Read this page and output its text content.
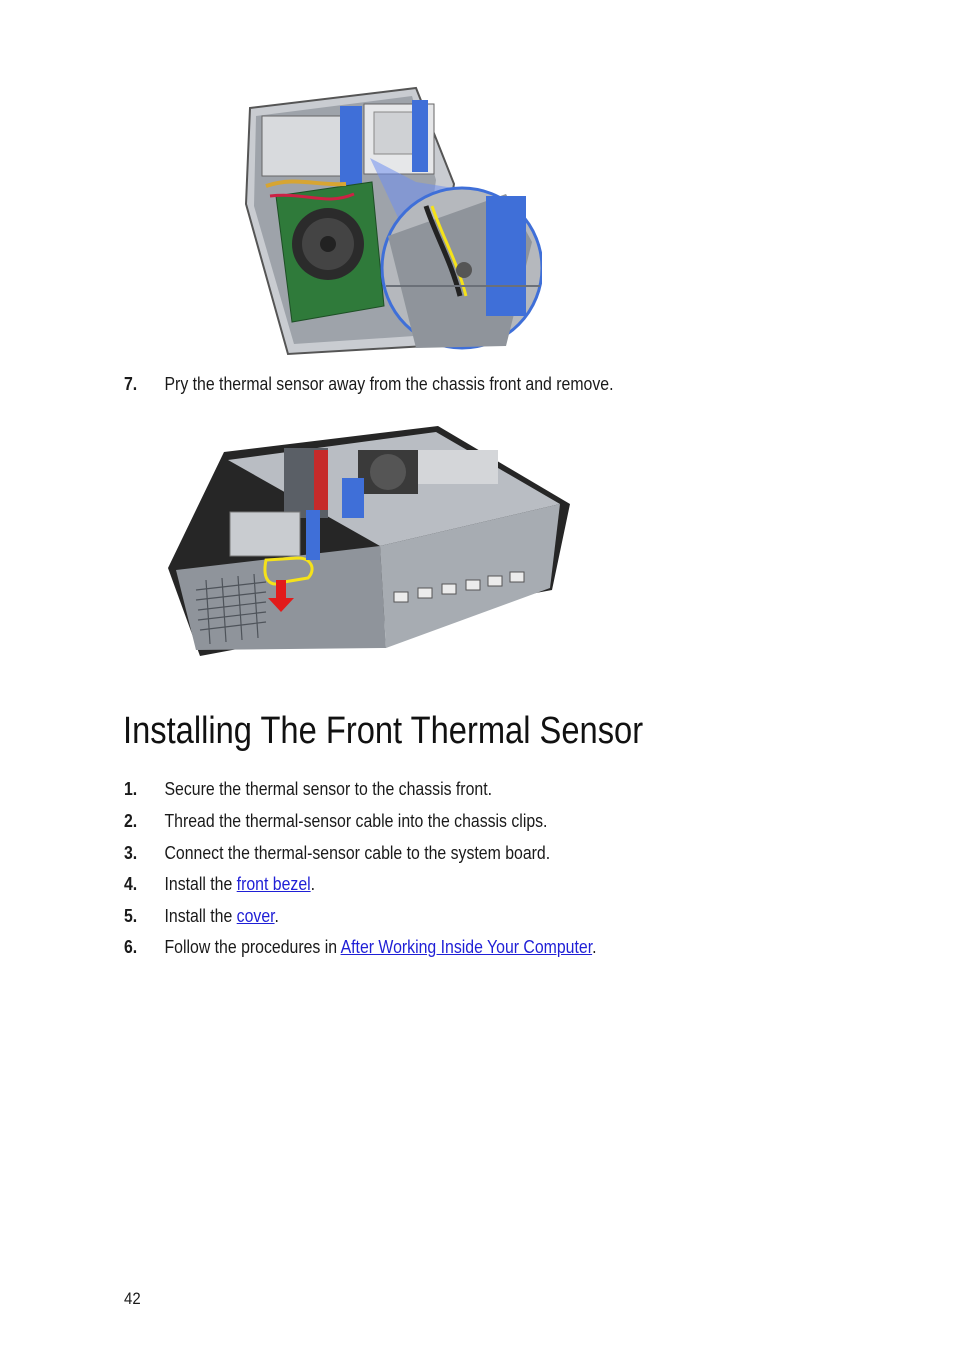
7. Pry the thermal sensor away from the chassis front and remove.
Installing The Front Thermal Sensor
1. Secure the thermal sensor to the chassis front.
2. Thread the thermal-sensor cable into the chassis clips.
3. Connect the thermal-sensor cable to the system board.
4. Install the front bezel.
5. Install the cover.
6. Follow the procedures in After Working Inside Your Computer.
42
